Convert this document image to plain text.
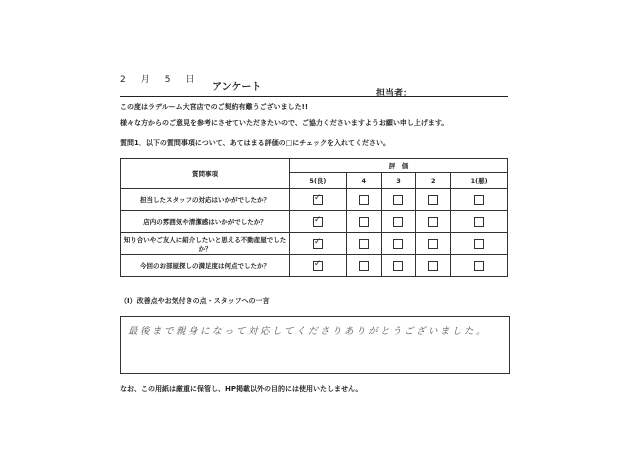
2 月 5 日
アンケート
担当者：
この度はラデルーム大宮店でのご契約有難うございました!!
様々な方からのご意見を参考にさせていただきたいので、ご協力くださいますようお願い申し上げます。
質問1．以下の質問事項について、あてはまる評価の□にチェックを入れてください。
質問事項	評　価				
	5(良)	4	3	2	1(悪)
担当したスタッフの対応はいかがでしたか？	✓				
店内の雰囲気や清潔感はいかがでしたか？	✓				
知り合いやご友人に紹介したいと思える不動産屋でしたか？	✓				
今回のお部屋探しの満足度は何点でしたか？	✓				
（Ⅰ）改善点やお気付きの点・スタッフへの一言
最後まで親身になって対応してくださりありがとうございました。
なお、この用紙は厳重に保管し、HP掲載以外の目的には使用いたしません。
